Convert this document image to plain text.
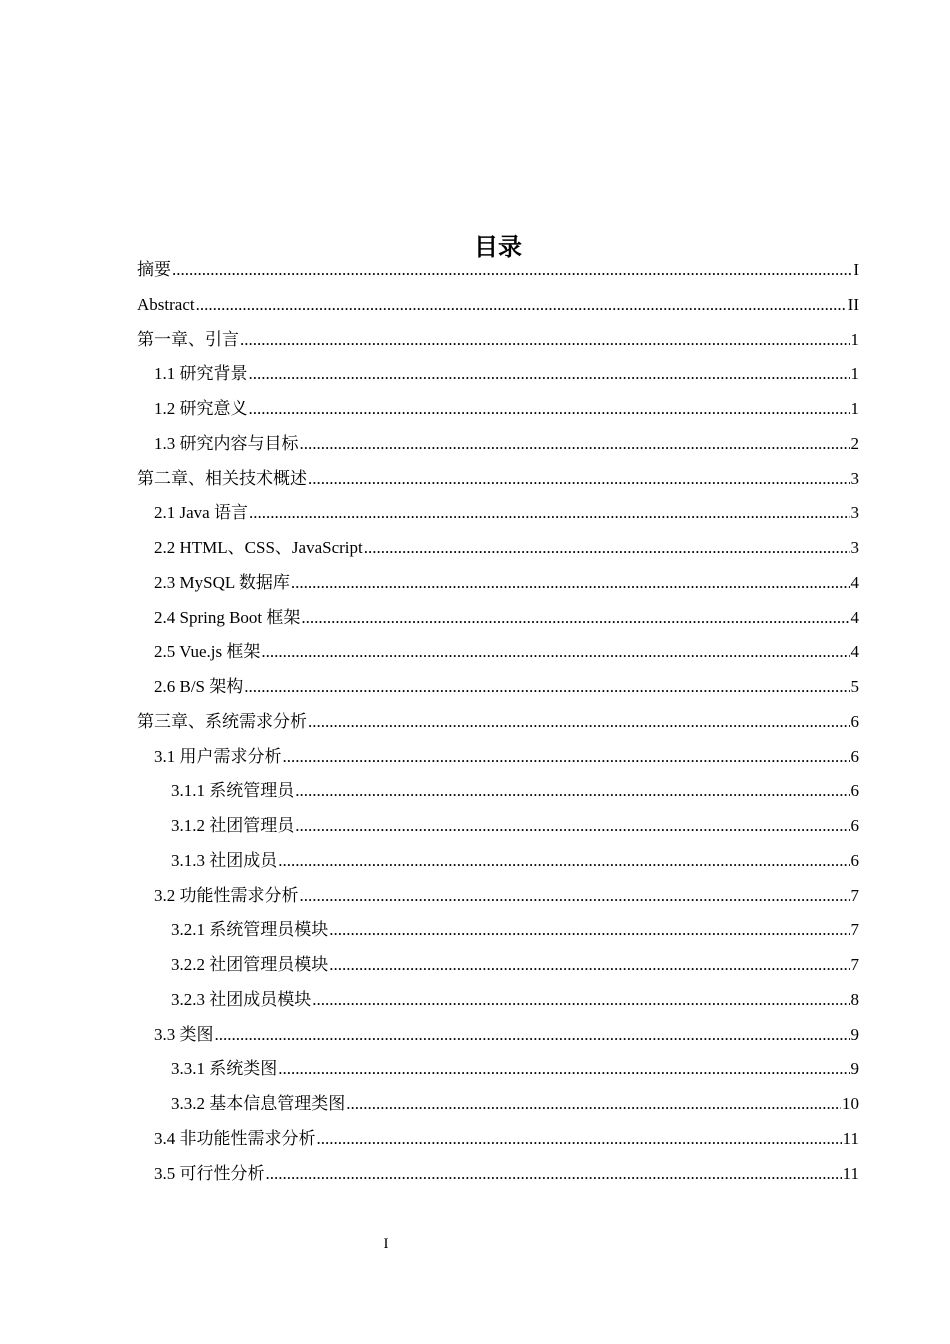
目录
摘要 .....	I
Abstract .....	II
第一章、引言 .....	1
1.1 研究背景 .....	1
1.2 研究意义 .....	1
1.3 研究内容与目标 .....	2
第二章、相关技术概述 .....	3
2.1 Java 语言 .....	3
2.2 HTML、CSS、JavaScript .....	3
2.3 MySQL 数据库 .....	4
2.4 Spring Boot 框架 .....	4
2.5 Vue.js 框架 .....	4
2.6 B/S 架构 .....	5
第三章、系统需求分析 .....	6
3.1 用户需求分析 .....	6
3.1.1 系统管理员 .....	6
3.1.2 社团管理员 .....	6
3.1.3 社团成员 .....	6
3.2 功能性需求分析 .....	7
3.2.1 系统管理员模块 .....	7
3.2.2 社团管理员模块 .....	7
3.2.3 社团成员模块 .....	8
3.3 类图 .....	9
3.3.1 系统类图 .....	9
3.3.2 基本信息管理类图 .....	10
3.4 非功能性需求分析 .....	11
3.5 可行性分析 .....	11
I
